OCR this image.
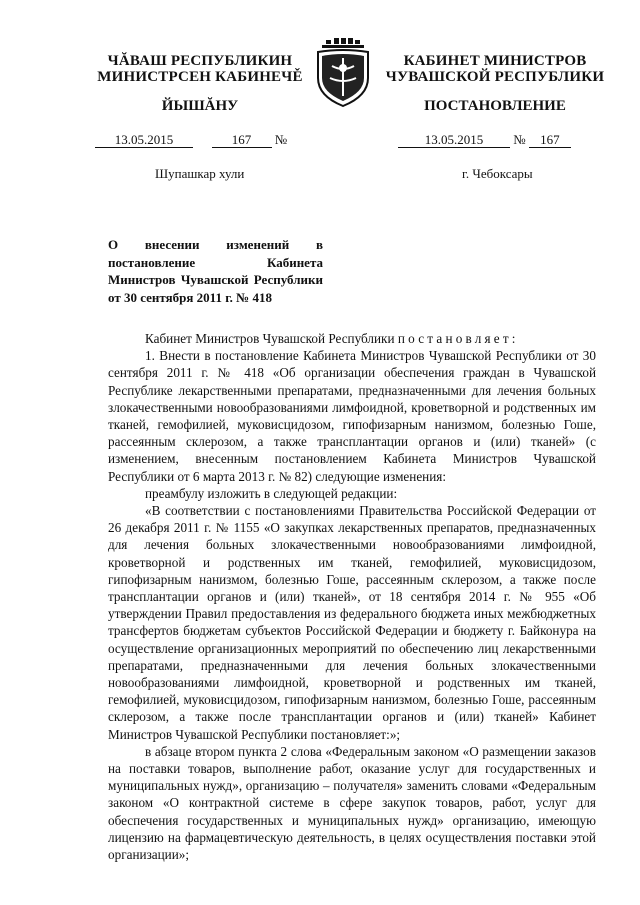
ЧĂВАШ РЕСПУБЛИКИН
МИНИСТРСЕН КАБИНЕЧĚ
ЙЫШĂНУ
КАБИНЕТ МИНИСТРОВ
ЧУВАШСКОЙ РЕСПУБЛИКИ
ПОСТАНОВЛЕНИЕ
13.05.2015	167 №	13.05.2015 № 167
Шупашкар хули	г. Чебоксары
О внесении изменений в постановление Кабинета Министров Чувашской Республики от 30 сентября 2011 г. № 418

Кабинет Министров Чувашской Республики постановляет:

1. Внести в постановление Кабинета Министров Чувашской Республики от 30 сентября 2011 г. № 418 «Об организации обеспечения граждан в Чувашской Республике лекарственными препаратами, предназначенными для лечения больных злокачественными новообразованиями лимфоидной, кроветворной и родственных им тканей, гемофилией, муковисцидозом, гипофизарным нанизмом, болезнью Гоше, рассеянным склерозом, а также трансплантации органов и (или) тканей» (с изменением, внесенным постановлением Кабинета Министров Чувашской Республики от 6 марта 2013 г. № 82) следующие изменения:

преамбулу изложить в следующей редакции:

«В соответствии с постановлениями Правительства Российской Федерации от 26 декабря 2011 г. № 1155 «О закупках лекарственных препаратов, предназначенных для лечения больных злокачественными новообразованиями лимфоидной, кроветворной и родственных им тканей, гемофилией, муковисцидозом, гипофизарным нанизмом, болезнью Гоше, рассеянным склерозом, а также после трансплантации органов и (или) тканей», от 18 сентября 2014 г. № 955 «Об утверждении Правил предоставления из федерального бюджета иных межбюджетных трансфертов бюджетам субъектов Российской Федерации и бюджету г. Байконура на осуществление организационных мероприятий по обеспечению лиц лекарственными препаратами, предназначенными для лечения больных злокачественными новообразованиями лимфоидной, кроветворной и родственных им тканей, гемофилией, муковисцидозом, гипофизарным нанизмом, болезнью Гоше, рассеянным склерозом, а также после трансплантации органов и (или) тканей» Кабинет Министров Чувашской Республики постановляет:»;

в абзаце втором пункта 2 слова «Федеральным законом «О размещении заказов на поставки товаров, выполнение работ, оказание услуг для государственных и муниципальных нужд», организацию – получателя» заменить словами «Федеральным законом «О контрактной системе в сфере закупок товаров, работ, услуг для обеспечения государственных и муниципальных нужд» организацию, имеющую лицензию на фармацевтическую деятельность, в целях осуществления поставки этой организации»;
